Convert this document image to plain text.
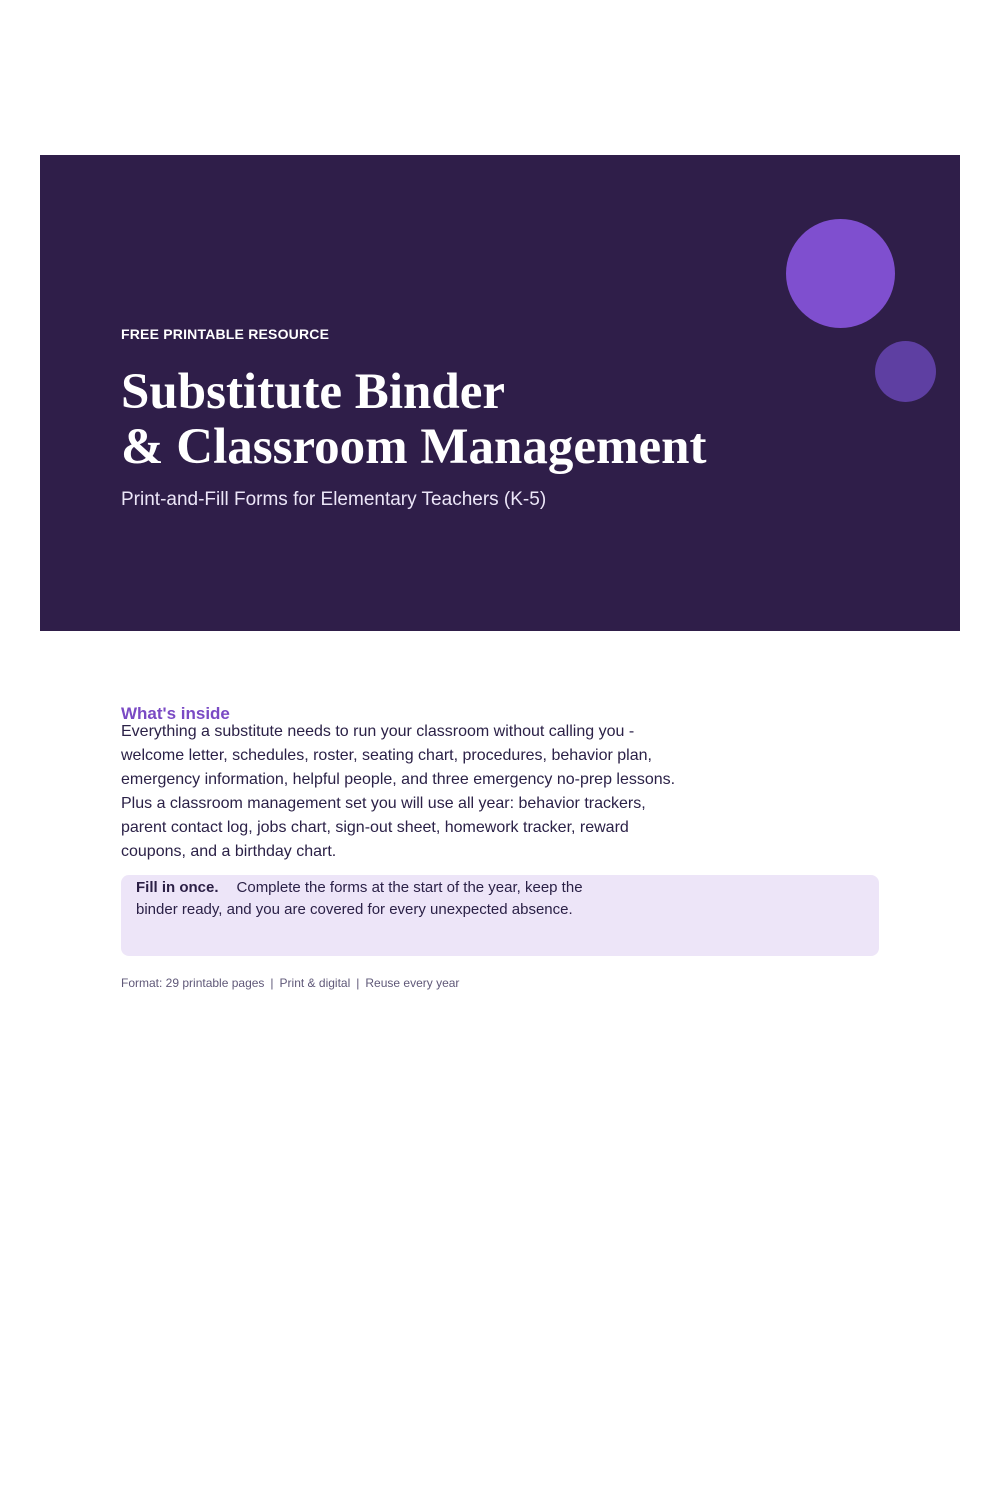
FREE PRINTABLE RESOURCE
Substitute Binder
& Classroom Management
Print-and-Fill Forms for Elementary Teachers (K-5)
What's inside

Everything a substitute needs to run your classroom without calling you - welcome letter, schedules, roster, seating chart, procedures, behavior plan, emergency information, helpful people, and three emergency no-prep lessons. Plus a classroom management set you will use all year: behavior trackers, parent contact log, jobs chart, sign-out sheet, homework tracker, reward coupons, and a birthday chart.

Fill in once. Complete the forms at the start of the year, keep the binder ready, and you are covered for every unexpected absence.

Format: 29 printable pages | Print & digital | Reuse every year
